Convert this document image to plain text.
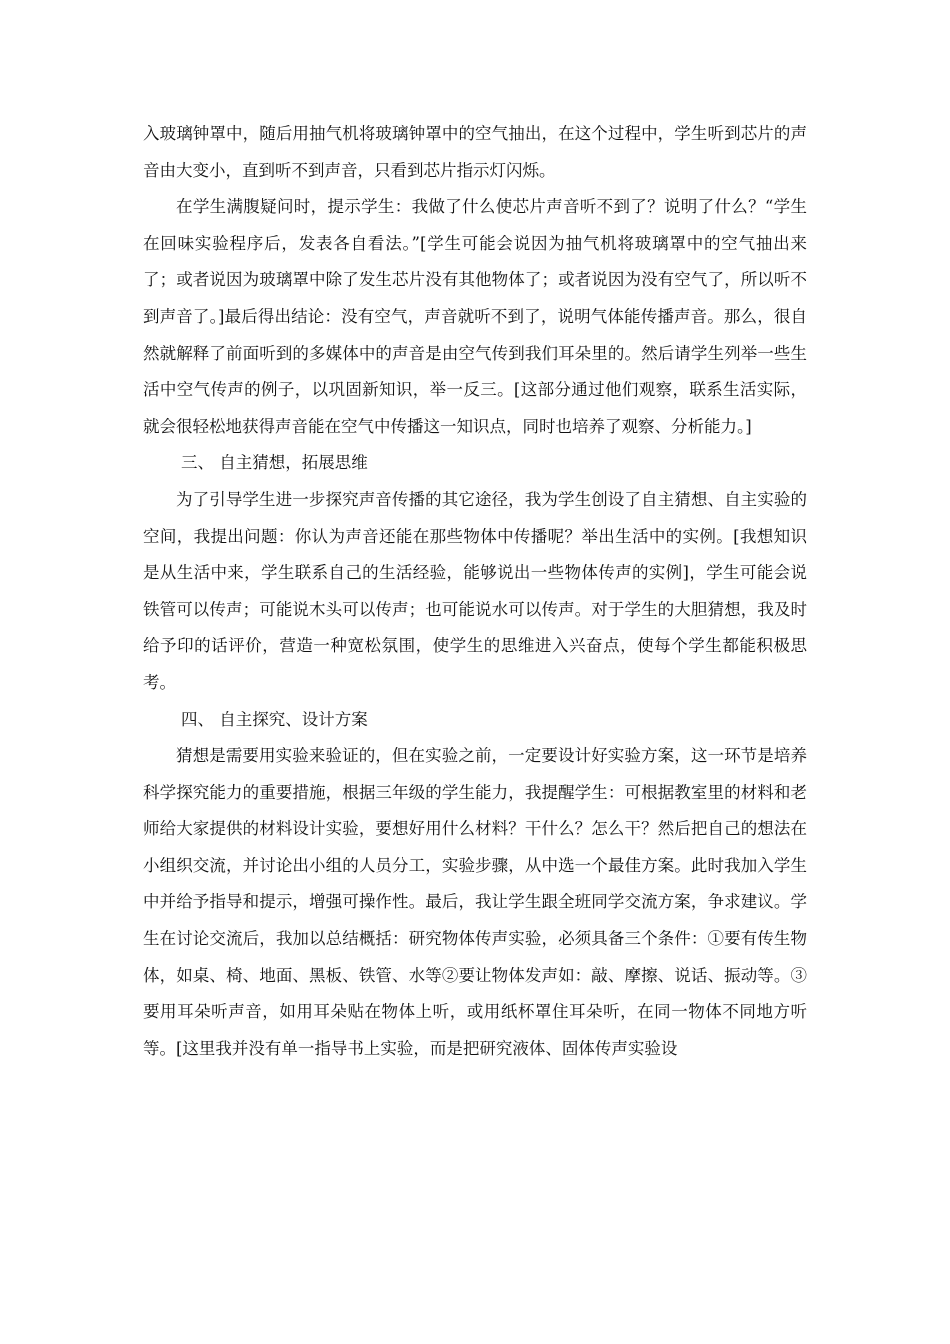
入玻璃钟罩中，随后用抽气机将玻璃钟罩中的空气抽出，在这个过程中，学生听到芯片的声音由大变小，直到听不到声音，只看到芯片指示灯闪烁。

在学生满腹疑问时，提示学生：我做了什么使芯片声音听不到了？说明了什么？“学生在回味实验程序后，发表各自看法。”[学生可能会说因为抽气机将玻璃罩中的空气抽出来了；或者说因为玻璃罩中除了发生芯片没有其他物体了；或者说因为没有空气了，所以听不到声音了。]最后得出结论：没有空气，声音就听不到了，说明气体能传播声音。那么，很自然就解释了前面听到的多媒体中的声音是由空气传到我们耳朵里的。然后请学生列举一些生活中空气传声的例子，以巩固新知识，举一反三。[这部分通过他们观察，联系生活实际，就会很轻松地获得声音能在空气中传播这一知识点，同时也培养了观察、分析能力。]

三、 自主猜想，拓展思维

为了引导学生进一步探究声音传播的其它途径，我为学生创设了自主猜想、自主实验的空间，我提出问题：你认为声音还能在那些物体中传播呢？举出生活中的实例。[我想知识是从生活中来，学生联系自己的生活经验，能够说出一些物体传声的实例]，学生可能会说铁管可以传声；可能说木头可以传声；也可能说水可以传声。对于学生的大胆猜想，我及时给予印的话评价，营造一种宽松氛围，使学生的思维进入兴奋点，使每个学生都能积极思考。

四、 自主探究、设计方案

猜想是需要用实验来验证的，但在实验之前，一定要设计好实验方案，这一环节是培养科学探究能力的重要措施，根据三年级的学生能力，我提醒学生：可根据教室里的材料和老师给大家提供的材料设计实验，要想好用什么材料？干什么？怎么干？然后把自己的想法在小组织交流，并讨论出小组的人员分工，实验步骤，从中选一个最佳方案。此时我加入学生中并给予指导和提示，增强可操作性。最后，我让学生跟全班同学交流方案，争求建议。学生在讨论交流后，我加以总结概括：研究物体传声实验，必须具备三个条件：①要有传生物体，如桌、椅、地面、黑板、铁管、水等②要让物体发声如：敲、摩擦、说话、振动等。③要用耳朵听声音，如用耳朵贴在物体上听，或用纸杯罩住耳朵听，在同一物体不同地方听等。[这里我并没有单一指导书上实验，而是把研究液体、固体传声实验设
